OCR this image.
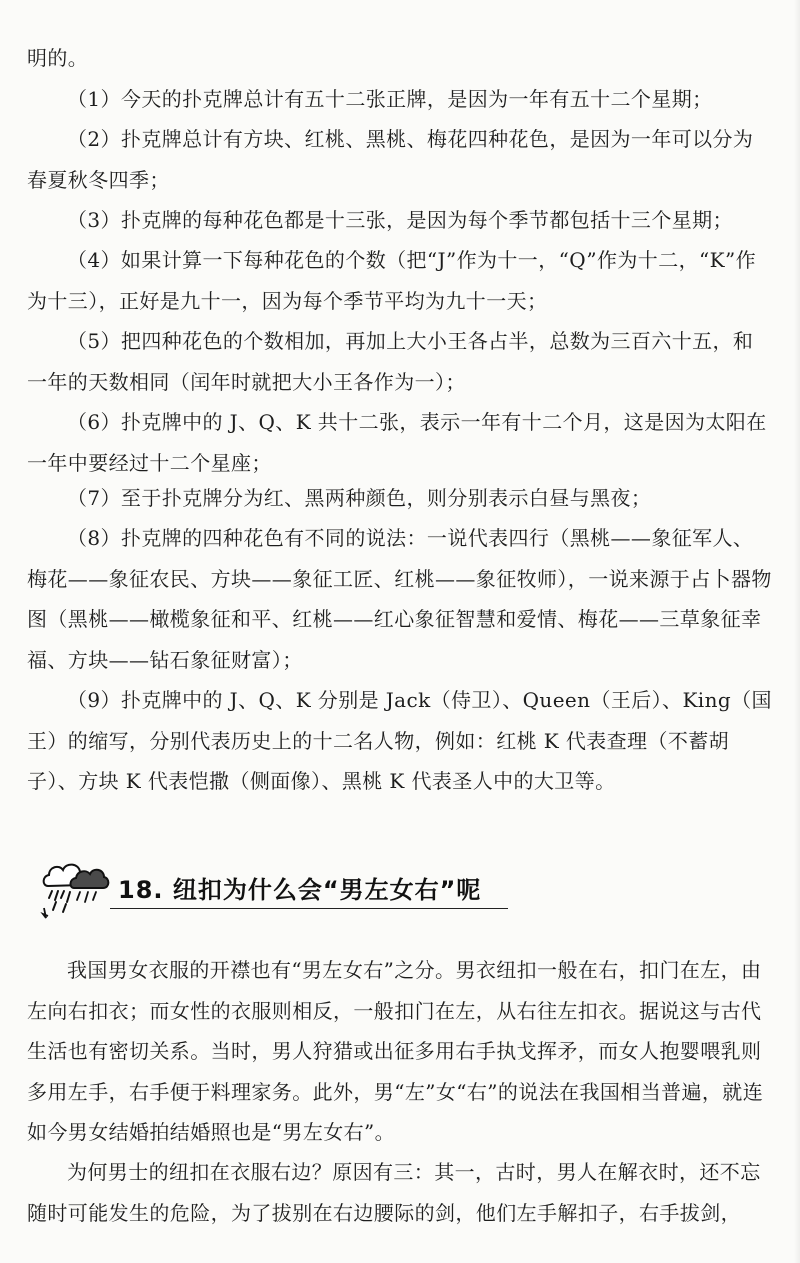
明的。

（1）今天的扑克牌总计有五十二张正牌，是因为一年有五十二个星期；

（2）扑克牌总计有方块、红桃、黑桃、梅花四种花色，是因为一年可以分为春夏秋冬四季；

（3）扑克牌的每种花色都是十三张，是因为每个季节都包括十三个星期；

（4）如果计算一下每种花色的个数（把“J”作为十一，“Q”作为十二，“K”作为十三），正好是九十一，因为每个季节平均为九十一天；

（5）把四种花色的个数相加，再加上大小王各占半，总数为三百六十五，和一年的天数相同（闰年时就把大小王各作为一）；

（6）扑克牌中的 J、Q、K 共十二张，表示一年有十二个月，这是因为太阳在一年中要经过十二个星座；

（7）至于扑克牌分为红、黑两种颜色，则分别表示白昼与黑夜；

（8）扑克牌的四种花色有不同的说法：一说代表四行（黑桃——象征军人、梅花——象征农民、方块——象征工匠、红桃——象征牧师），一说来源于占卜器物图（黑桃——橄榄象征和平、红桃——红心象征智慧和爱情、梅花——三草象征幸福、方块——钻石象征财富）；

（9）扑克牌中的 J、Q、K 分别是 Jack（侍卫）、Queen（王后）、King（国王）的缩写，分别代表历史上的十二名人物，例如：红桃 K 代表查理（不蓄胡子）、方块 K 代表恺撒（侧面像）、黑桃 K 代表圣人中的大卫等。

18. 纽扣为什么会“男左女右”呢

我国男女衣服的开襟也有“男左女右”之分。男衣纽扣一般在右，扣门在左，由左向右扣衣；而女性的衣服则相反，一般扣门在左，从右往左扣衣。据说这与古代生活也有密切关系。当时，男人狩猎或出征多用右手执戈挥矛，而女人抱婴喂乳则多用左手，右手便于料理家务。此外，男“左”女“右”的说法在我国相当普遍，就连如今男女结婚拍结婚照也是“男左女右”。

为何男士的纽扣在衣服右边？原因有三：其一，古时，男人在解衣时，还不忘随时可能发生的危险，为了拔别在右边腰际的剑，他们左手解扣子，右手拔剑，
